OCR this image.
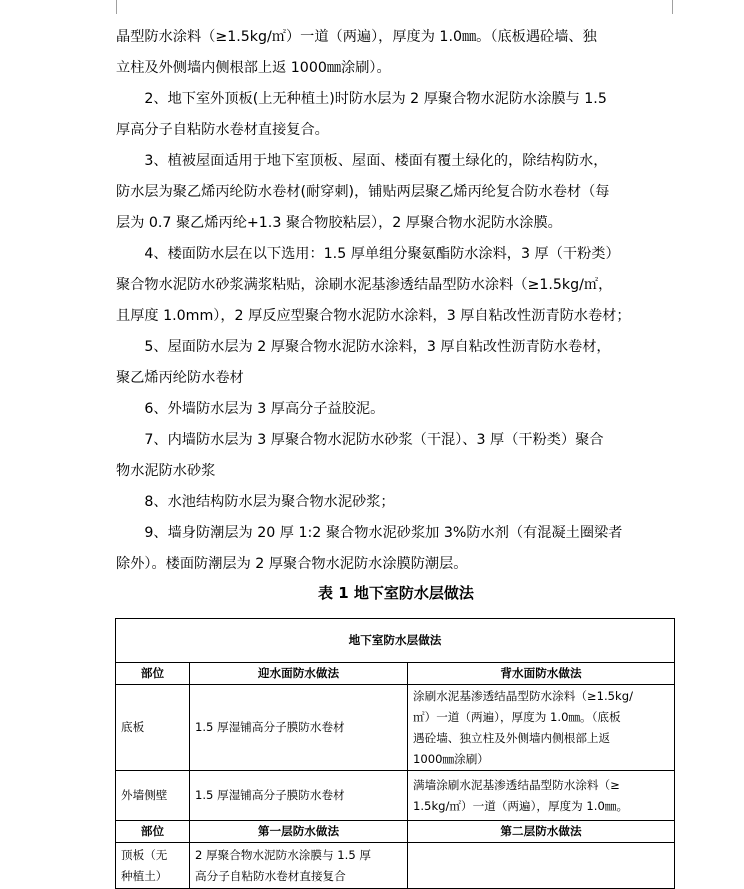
晶型防水涂料（≥1.5kg/㎡）一道（两遍），厚度为 1.0㎜。（底板遇砼墙、独
立柱及外侧墙内侧根部上返 1000㎜涂刷）。

　　2、地下室外顶板(上无种植土)时防水层为 2 厚聚合物水泥防水涂膜与 1.5
厚高分子自粘防水卷材直接复合。

　　3、植被屋面适用于地下室顶板、屋面、楼面有覆土绿化的，除结构防水，
防水层为聚乙烯丙纶防水卷材(耐穿刺)，铺贴两层聚乙烯丙纶复合防水卷材（每
层为 0.7 聚乙烯丙纶+1.3 聚合物胶粘层），2 厚聚合物水泥防水涂膜。

　　4、楼面防水层在以下选用：1.5 厚单组分聚氨酯防水涂料，3 厚（干粉类）
聚合物水泥防水砂浆满浆粘贴，涂刷水泥基渗透结晶型防水涂料（≥1.5kg/㎡，
且厚度 1.0mm），2 厚反应型聚合物水泥防水涂料，3 厚自粘改性沥青防水卷材；

　　5、屋面防水层为 2 厚聚合物水泥防水涂料，3 厚自粘改性沥青防水卷材，
聚乙烯丙纶防水卷材

　　6、外墙防水层为 3 厚高分子益胶泥。

　　7、内墙防水层为 3 厚聚合物水泥防水砂浆（干混）、3 厚（干粉类）聚合
物水泥防水砂浆

　　8、水池结构防水层为聚合物水泥砂浆；

　　9、墙身防潮层为 20 厚 1:2 聚合物水泥砂浆加 3%防水剂（有混凝土圈梁者
除外）。楼面防潮层为 2 厚聚合物水泥防水涂膜防潮层。

表 1 地下室防水层做法
地下室防水层做法		
部位	迎水面防水做法	背水面防水做法
底板	1.5 厚湿铺高分子膜防水卷材	涂刷水泥基渗透结晶型防水涂料（≥1.5kg/
㎡）一道（两遍），厚度为 1.0㎜。（底板
遇砼墙、独立柱及外侧墙内侧根部上返
1000㎜涂刷）

外墙侧壁	1.5 厚湿铺高分子膜防水卷材	满墙涂刷水泥基渗透结晶型防水涂料（≥
1.5kg/㎡）一道（两遍），厚度为 1.0㎜。

部位	第一层防水做法	第二层防水做法

顶板（无
种植土）	2 厚聚合物水泥防水涂膜与 1.5 厚
高分子自粘防水卷材直接复合	
